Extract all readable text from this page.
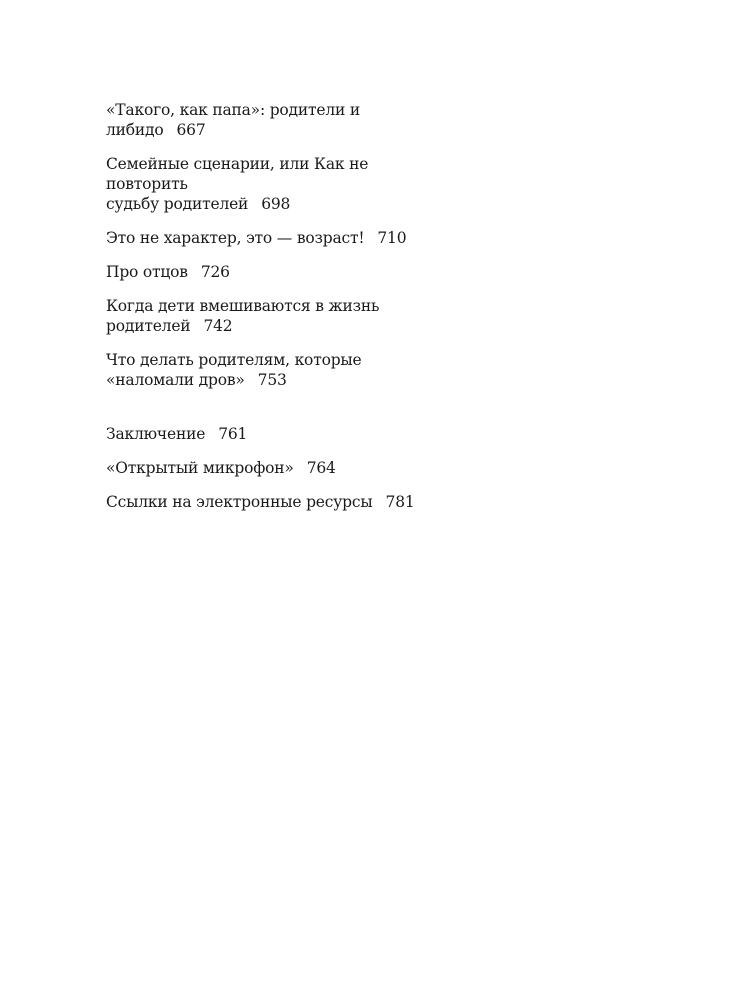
«Такого, как папа»: родители и либидо 667
Семейные сценарии, или Как не повторить
судьбу родителей 698
Это не характер, это — возраст! 710
Про отцов 726
Когда дети вмешиваются в жизнь
родителей 742
Что делать родителям, которые
«наломали дров» 753
Заключение 761
«Открытый микрофон» 764
Ссылки на электронные ресурсы 781
